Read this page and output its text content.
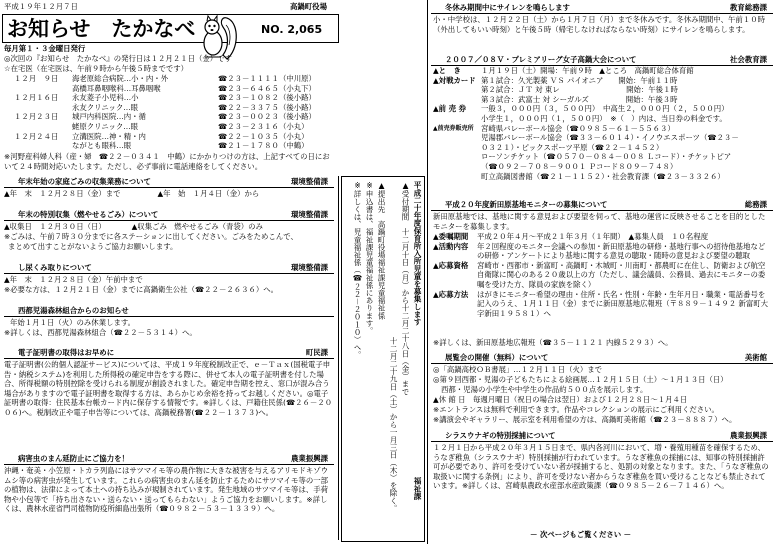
平成１９年１２月７日	高鍋町役場
お知らせ　たかなべ	NO. 2,065
毎月第１・３金曜日発行
◎次回の『お知らせ　たかなべ』の発行日は１２月２１日（金）です
☆在宅医（在宅医は、午前９時から午後５時までです）
１２月　９日	海老原総合病院…小・内・外	☎２３－１１１１（中川原）
高橋耳鼻咽喉科…耳鼻咽喉	☎２３－６４６５（小丸下）
１２月１６日	永友菱子小児科…小	☎２３－１０８２（後小路）
永友クリニック…眼	☎２２－３３７５（後小路）
１２月２３日	城戸内科医院…内・循	☎２３－００２３（後小路）
蛯原クリニック…眼	☎２３－２３１６（小丸）
１２月２４日	立溝医院…神・精・内	☎２２－１０３５（小丸）
ながとも眼科…眼	☎２１－１７８０（中鶴）
※河野産科婦人科（産・婦　☎２２－０３４１　中鶴）にかかりつけの方は、上記すべての日において２４時間対応いたします。ただし、必ず事前に電話連絡をしてください。
年末年始の家庭ごみの収集業務について	環境整備課
▲年　末　１２月２８日（金）まで　　　　　▲年　始　１月４日（金）から
年末の特別収集（燃やせるごみ）について	環境整備課
▲収集日　１２月３０日（日）　　　　▲収集ごみ　燃やせるごみ（青袋）のみ
※ごみは、午前７時３０分までに各ステーションに出してください。ごみをためこんで、
まとめて出すことがないようご協力お願いします。
し尿くみ取りについて	環境整備課
▲年　末　１２月２８日（金）午前中まで
※必要な方は、１２月２１日（金）までに高鍋衛生公社（☎２２－２６３６）へ。
西都児湯森林組合からのお知らせ
年始１月１日（火）のみ休業します。
※詳しくは、西都児湯森林組合（☎２２－５３１４）へ。
電子証明書の取得はお早めに	町民課
電子証明書(公的個人認証サービス)については、平成１９年度税制改正で、ｅ－Ｔａｘ(国税電子申告・納税システム)を利用した所得税の確定申告をする際に、併せて本人の電子証明書を付した場合、所得税額の特別控除を受けられる制度が創設されました。確定申告期を控え、窓口が混み合う場合がありますので電子証明書を取得する方は、あらかじめ余裕を持ってお越しください。◎電子証明書の取得：住民基本台帳カード内に保存する情報です。※詳しくは、戸籍住民係(☎２６－２００６)へ。税制改正や電子申告等については、高鍋税務署(☎２２－１３７３)へ。
病害虫のまん延防止にご協力を！	農業振興課
沖縄・奄美・小笠原・トカラ列島にはサツマイモ等の農作物に大きな被害を与えるアリモドキゾウムシ等の病害虫が発生しています。これらの病害虫のまん延を防止するためにサツマイモ等の一部の植物は、法律によって本土への持ち込みが規制されています。発生地域のサツマイモ等は、手荷物や小包等で「持ち出さない・送らない・送ってもらわない」ようご協力をお願いします。※詳しくは、農林水産省門司植物防疫所細島出張所（☎０９８２－５３－１３３９）へ。
平成二十年度保育所入所児童を募集します
福祉課
▲受付期間　十二月十日（月）から十二月二十八日（金）まで
十二月二十九日（土）から一月三日（木）を除く。
▲提出先　高鍋町役場福祉課児童福祉係
※申込書は、福祉課児童福祉係にあります。
※詳しくは、児童福祉係（☎２２－２０１０）へ。
冬休み期間中にサイレンを鳴らします	教育総務課
小・中学校は、１２月２２日（土）から１月７日（月）まで冬休みです。冬休み期間中、午前１０時（外出してもいい時刻）と午後５時（帰宅しなければならない時刻）にサイレンを鳴らします。
２００７／０８Ｖ・プレミアリーグ女子高鍋大会について	社会教育課
▲と　き	１月１９日（土）開場：午前９時　▲ところ　高鍋町総合体育館
▲対戦カード 第１試合：久光製薬 ＶＳ パイオニア　　開始：午前１１時
第２試合：ＪＴ 対 東レ　　　　　　　　　開始：午後１時
第３試合：武富士 対 シーガルズ　　　　　開始：午後３時
▲前 売 券	一般３，０００円（３，５００円）　中高生２，０００円（２，５００円）
小学生１，０００円（１，５００円）　※（　）内は、当日券の料金です。
▲前売券販売所 宮崎県バレーボール協会（☎０９８５－６１－５５６３）
児湯郡バレーボール協会（☎３３－６０１４）・イノウエスポーツ（☎２３－
０３２１）・ピックスポーツ平原（☎２２－１４５２）
ローソンチケット（☎０５７０－０８４－００８ Ｌコード）・チケットピア
（☎０９２－７０８－９００１ Ｐコード８０９－７４８）
町立高鍋図書館（☎２１－１１５２）・社会教育課（☎２３－３３２６）
平成２０年度新田原基地モニターの募集について	総務課
新田原基地では、基地に関する意見および要望を伺って、基地の運営に反映させることを目的としたモニターを募集します。
▲委嘱期間	平成２０年４月～平成２１年３月（１年間）　▲募集人員　１０名程度
▲活動内容	年２回程度のモニター会議への参加・新田原基地の研修・基地行事への招待他基地などの研修・アンケートにより基地に関する意見の聴取・随時の意見および要望の聴取
▲応募資格	宮崎市・西都市・新富町・高鍋町・木城町・川南町・都農町に在住し、防衛および航空自衛隊に関心のある２０歳以上の方（ただし、議会議員、公務員、過去にモニターの委嘱を受けた方、隊員の家族を除く）
▲応募方法	はがきにモニター希望の理由・住所・氏名・性別・年齢・生年月日・職業・電話番号を記入のうえ、１月１１日（金）までに新田原基地広報班（〒８８９－１４９２ 新富町大字新田１９５８１）へ
※詳しくは、新田原基地広報班（☎３５－１１２１ 内線５２９３）へ。
展覧会の開催（無料）について	美術館
◎「高鍋高校ＯＢ書展」…１２月１１日（火）まで
◎第９回西都・児湯の子どもたちによる絵画展…１２月１５日（土）～１月１３日（日）
西都・児湯の小学生や中学生の作品約５００点を展示します。
▲休 館 日　毎週月曜日（祝日の場合は翌日）および１２月２８日～１月４日
※エントランスは無料で利用できます。作品やコレクションの展示にご利用ください。
※講演会やギャラリー、展示室を利用希望の方は、高鍋町美術館（☎２３－８８８７）へ。
シラスウナギの特別採捕について	農業振興課
１２月１日から平成２０年３月１５日まで、県内各河川において、増・養殖用種苗を確保するため、うなぎ稚魚（シラスウナギ）特別採捕が行われています。うなぎ稚魚の採捕には、知事の特別採捕許可が必要であり、許可を受けていない者が採捕すると、処罰の対象となります。また、「うなぎ稚魚の取扱いに関する条例」により、許可を受けない者からうなぎ稚魚を買い受けることなども禁止されています。※詳しくは、宮崎県農政水産部水産政策課（☎０９８５－２６－７１４６）へ。
－ 次ページもご覧ください －
